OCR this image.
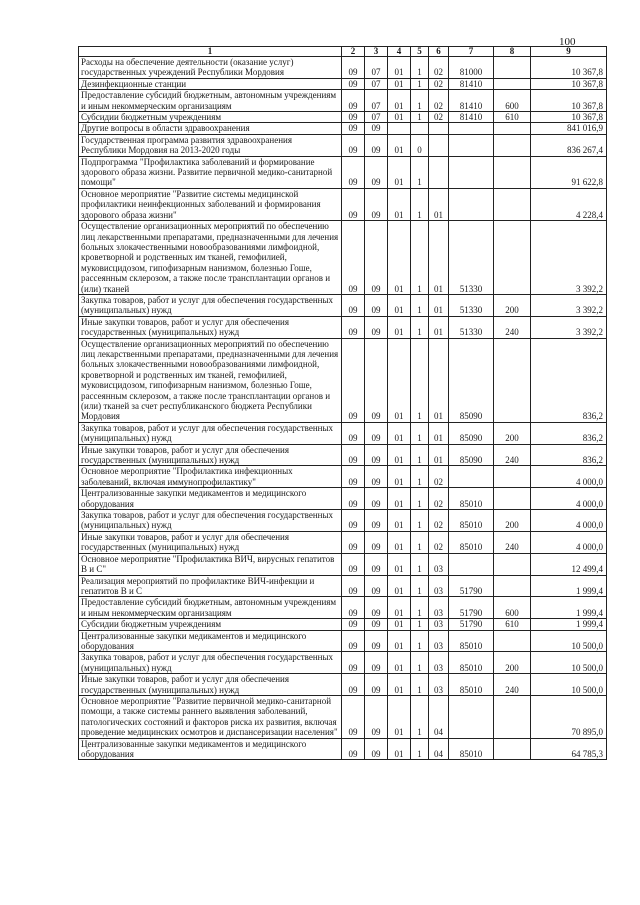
100
1	2	3	4	5	6	7	8	9
Расходы на обеспечение деятельности (оказание услуг) государственных учреждений Республики Мордовия	09	07	01	1	02	81000		10 367,8
Дезинфекционные станции	09	07	01	1	02	81410		10 367,8
Предоставление субсидий бюджетным, автономным учреждениям и иным некоммерческим организациям	09	07	01	1	02	81410	600	10 367,8
Субсидии бюджетным учреждениям	09	07	01	1	02	81410	610	10 367,8
Другие вопросы в области здравоохранения	09	09						841 016,9
Государственная программа развития здравоохранения Республики Мордовия на 2013-2020 годы	09	09	01	0				836 267,4
Подпрограмма "Профилактика заболеваний и формирование здорового образа жизни. Развитие первичной медико-санитарной помощи"	09	09	01	1				91 622,8
Основное мероприятие "Развитие системы медицинской профилактики неинфекционных заболеваний и формирования здорового образа жизни"	09	09	01	1	01			4 228,4
Осуществление организационных мероприятий по обеспечению лиц лекарственными препаратами, предназначенными для лечения больных злокачественными новообразованиями лимфоидной, кроветворной и родственных им тканей, гемофилией, муковисцидозом, гипофизарным нанизмом, болезнью Гоше, рассеянным склерозом, а также после трансплантации органов и (или) тканей	09	09	01	1	01	51330		3 392,2
Закупка товаров, работ и услуг для обеспечения государственных (муниципальных) нужд	09	09	01	1	01	51330	200	3 392,2
Иные закупки товаров, работ и услуг для обеспечения государственных (муниципальных) нужд	09	09	01	1	01	51330	240	3 392,2
Осуществление организационных мероприятий по обеспечению лиц лекарственными препаратами, предназначенными для лечения больных злокачественными новообразованиями лимфоидной, кроветворной и родственных им тканей, гемофилией, муковисцидозом, гипофизарным нанизмом, болезнью Гоше, рассеянным склерозом, а также после трансплантации органов и (или) тканей за счет республиканского бюджета Республики Мордовия	09	09	01	1	01	85090		836,2
Закупка товаров, работ и услуг для обеспечения государственных (муниципальных) нужд	09	09	01	1	01	85090	200	836,2
Иные закупки товаров, работ и услуг для обеспечения государственных (муниципальных) нужд	09	09	01	1	01	85090	240	836,2
Основное мероприятие "Профилактика инфекционных заболеваний, включая иммунопрофилактику"	09	09	01	1	02			4 000,0
Централизованные закупки медикаментов и медицинского оборудования	09	09	01	1	02	85010		4 000,0
Закупка товаров, работ и услуг для обеспечения государственных (муниципальных) нужд	09	09	01	1	02	85010	200	4 000,0
Иные закупки товаров, работ и услуг для обеспечения государственных (муниципальных) нужд	09	09	01	1	02	85010	240	4 000,0
Основное мероприятие "Профилактика ВИЧ, вирусных гепатитов В и С"	09	09	01	1	03			12 499,4
Реализация мероприятий по профилактике ВИЧ-инфекции и гепатитов В и С	09	09	01	1	03	51790		1 999,4
Предоставление субсидий бюджетным, автономным учреждениям и иным некоммерческим организациям	09	09	01	1	03	51790	600	1 999,4
Субсидии бюджетным учреждениям	09	09	01	1	03	51790	610	1 999,4
Централизованные закупки медикаментов и медицинского оборудования	09	09	01	1	03	85010		10 500,0
Закупка товаров, работ и услуг для обеспечения государственных (муниципальных) нужд	09	09	01	1	03	85010	200	10 500,0
Иные закупки товаров, работ и услуг для обеспечения государственных (муниципальных) нужд	09	09	01	1	03	85010	240	10 500,0
Основное мероприятие "Развитие первичной медико-санитарной помощи, а также системы раннего выявления заболеваний, патологических состояний и факторов риска их развития, включая проведение медицинских осмотров и диспансеризации населения"	09	09	01	1	04			70 895,0
Централизованные закупки медикаментов и медицинского оборудования	09	09	01	1	04	85010		64 785,3
